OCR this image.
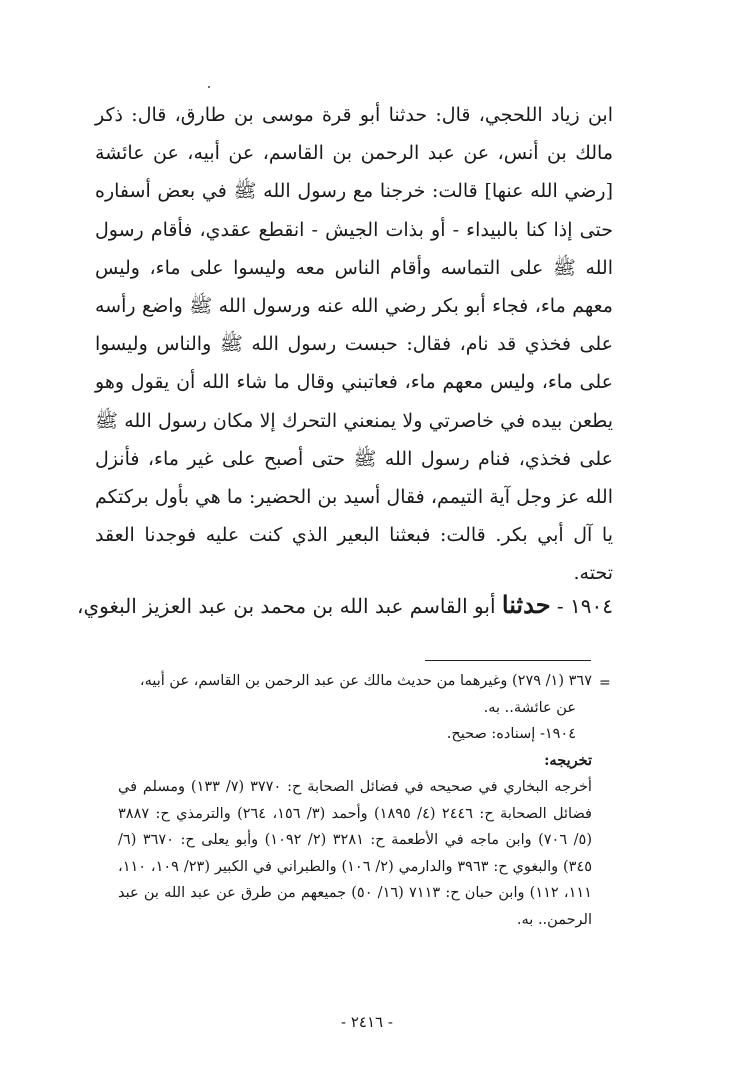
ابن زياد اللحجي، قال: حدثنا أبو قرة موسى بن طارق، قال: ذكر مالك بن أنس، عن عبد الرحمن بن القاسم، عن أبيه، عن عائشة [رضي الله عنها] قالت: خرجنا مع رسول الله ﷺ في بعض أسفاره حتى إذا كنا بالبيداء - أو بذات الجيش - انقطع عقدي، فأقام رسول الله ﷺ على التماسه وأقام الناس معه وليسوا على ماء، وليس معهم ماء، فجاء أبو بكر رضي الله عنه ورسول الله ﷺ واضع رأسه على فخذي قد نام، فقال: حبست رسول الله ﷺ والناس وليسوا على ماء، وليس معهم ماء، فعاتبني وقال ما شاء الله أن يقول وهو يطعن بيده في خاصرتي ولا يمنعني التحرك إلا مكان رسول الله ﷺ على فخذي، فنام رسول الله ﷺ حتى أصبح على غير ماء، فأنزل الله عز وجل آية التيمم، فقال أسيد بن الحضير: ما هي بأول بركتكم يا آل أبي بكر. قالت: فبعثنا البعير الذي كنت عليه فوجدنا العقد تحته.

١٩٠٤ - حدثنا أبو القاسم عبد الله بن محمد بن عبد العزيز البغوي،
=

٣٦٧ (١/ ٢٧٩) وغيرهما من حديث مالك عن عبد الرحمن بن القاسم، عن أبيه،

عن عائشة.. به.

١٩٠٤- إسناده: صحيح.

تخريجه:

أخرجه البخاري في صحيحه في فضائل الصحابة ح: ٣٧٧٠ (٧/ ١٣٣) ومسلم في فضائل الصحابة ح: ٢٤٤٦ (٤/ ١٨٩٥) وأحمد (٣/ ١٥٦، ٢٦٤) والترمذي ح: ٣٨٨٧ (٥/ ٧٠٦) وابن ماجه في الأطعمة ح: ٣٢٨١ (٢/ ١٠٩٢) وأبو يعلى ح: ٣٦٧٠ (٦/ ٣٤٥) والبغوي ح: ٣٩٦٣ والدارمي (٢/ ١٠٦) والطبراني في الكبير (٢٣/ ١٠٩، ١١٠، ١١١، ١١٢) وابن حبان ح: ٧١١٣ (١٦/ ٥٠) جميعهم من طرق عن عبد الله بن عبد الرحمن.. به.

- ٢٤١٦ -
